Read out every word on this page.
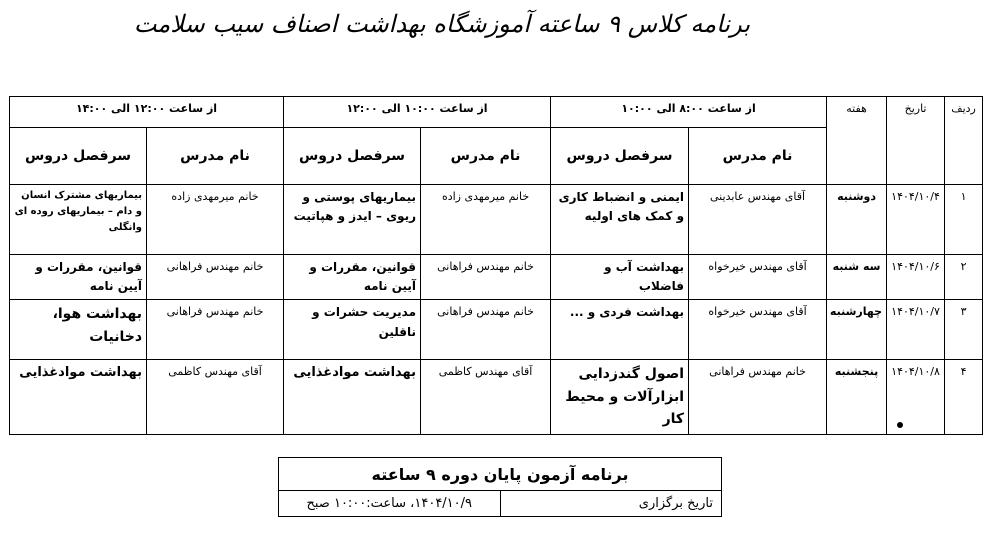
برنامه کلاس ۹ ساعته آموزشگاه بهداشت اصناف سیب سلامت
ردیف	تاریخ	هفته	از ساعت ۸:۰۰ الی ۱۰:۰۰		از ساعت ۱۰:۰۰ الی ۱۲:۰۰		از ساعت ۱۲:۰۰ الی ۱۴:۰۰	
			نام مدرس	سرفصل دروس	نام مدرس	سرفصل دروس	نام مدرس	سرفصل دروس
۱	۱۴۰۴/۱۰/۴	دوشنبه	آقای مهندس عابدینی	ایمنی و انضباط کاری و کمک های اولیه	خانم میرمهدی زاده	بیماریهای پوستی و ریوی – ایدز و هپاتیت	خانم میرمهدی زاده	بیماریهای مشترک انسان و دام – بیماریهای روده ای وانگلی
۲	۱۴۰۴/۱۰/۶	سه شنبه	آقای مهندس خیرخواه	بهداشت آب و فاضلاب	خانم مهندس فراهانی	قوانین، مقررات و آیین نامه	خانم مهندس فراهانی	قوانین، مقررات و آیین نامه
۳	۱۴۰۴/۱۰/۷	چهارشنبه	آقای مهندس خیرخواه	بهداشت فردی و ...	خانم مهندس فراهانی	مدیریت حشرات و ناقلین	خانم مهندس فراهانی	بهداشت هوا، دخانیات
۴	۱۴۰۴/۱۰/۸	پنجشنبه	خانم مهندس فراهانی	اصول گندزدایی ابزارآلات و محیط کار	آقای مهندس کاظمی	بهداشت موادغذایی	آقای مهندس کاظمی	بهداشت موادغذایی
برنامه آزمون پایان دوره ۹ ساعته
تاریخ برگزاری	۱۴۰۴/۱۰/۹، ساعت:۱۰:۰۰ صبح
